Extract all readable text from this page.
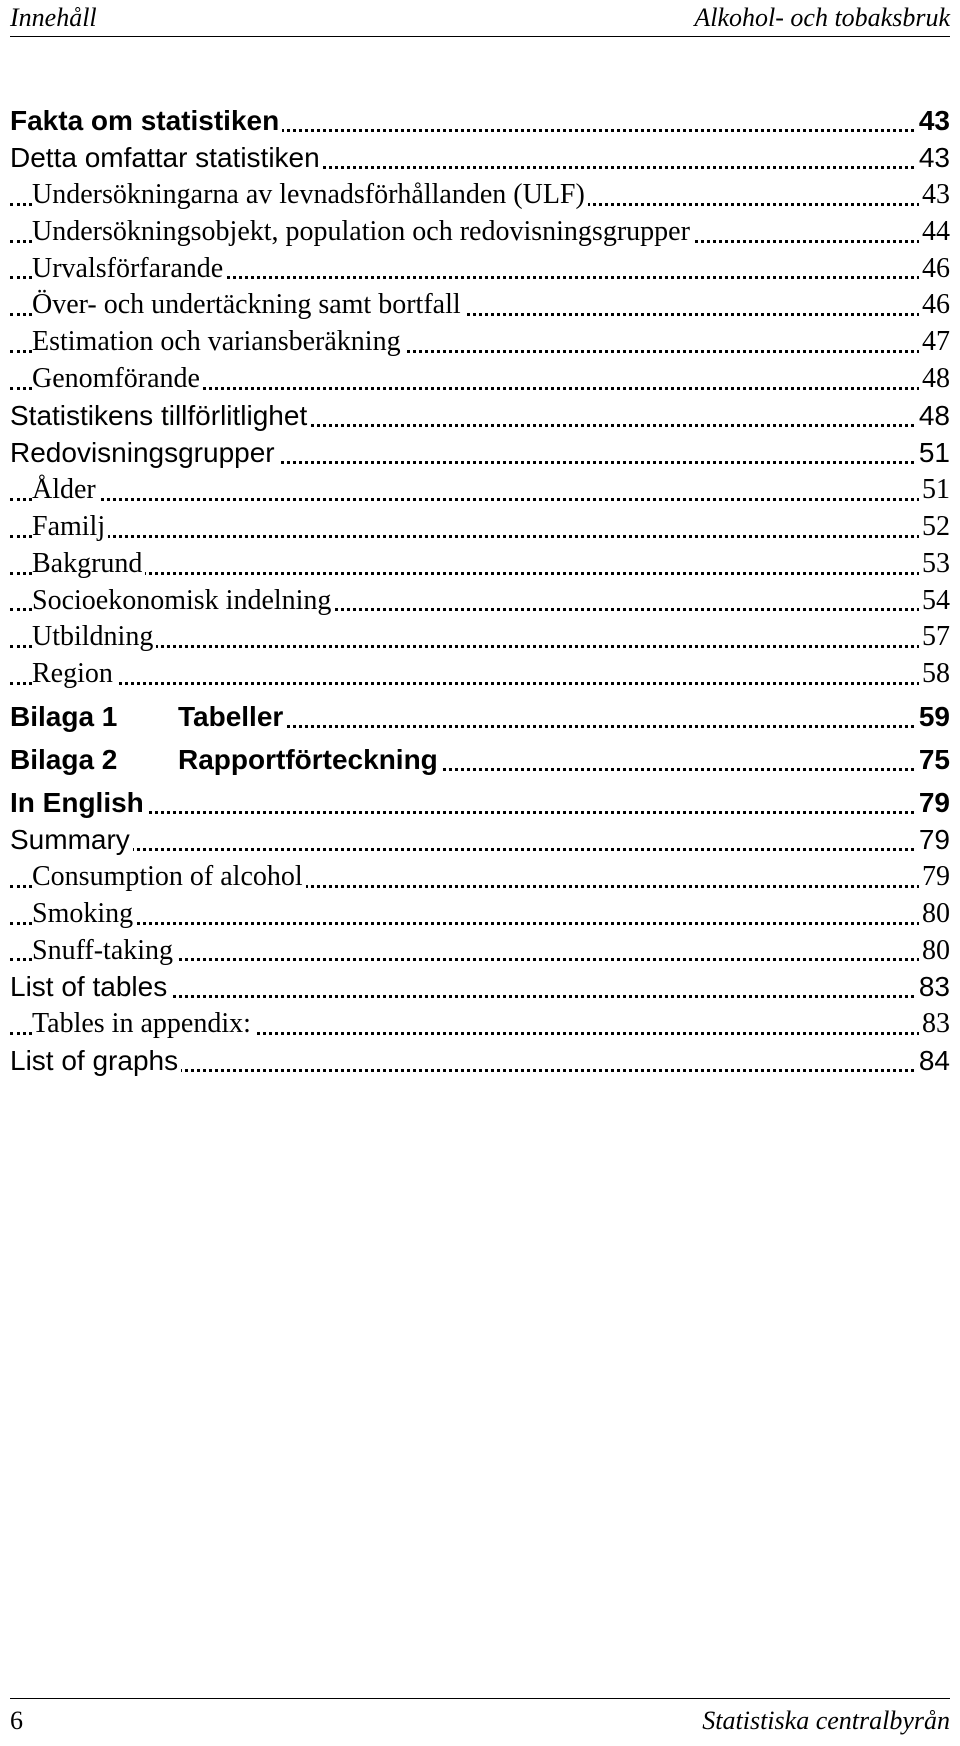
Innehåll	Alkohol- och tobaksbruk
Fakta om statistiken	43
Detta omfattar statistiken	43
Undersökningarna av levnadsförhållanden (ULF)	43
Undersökningsobjekt, population och redovisningsgrupper	44
Urvalsförfarande	46
Över- och undertäckning samt bortfall	46
Estimation och variansberäkning	47
Genomförande	48
Statistikens tillförlitlighet	48
Redovisningsgrupper	51
Ålder	51
Familj	52
Bakgrund	53
Socioekonomisk indelning	54
Utbildning	57
Region	58
Bilaga 1 Tabeller	59
Bilaga 2 Rapportförteckning	75
In English	79
Summary	79
Consumption of alcohol	79
Smoking	80
Snuff-taking	80
List of tables	83
Tables in appendix:	83
List of graphs	84
6	Statistiska centralbyrån
